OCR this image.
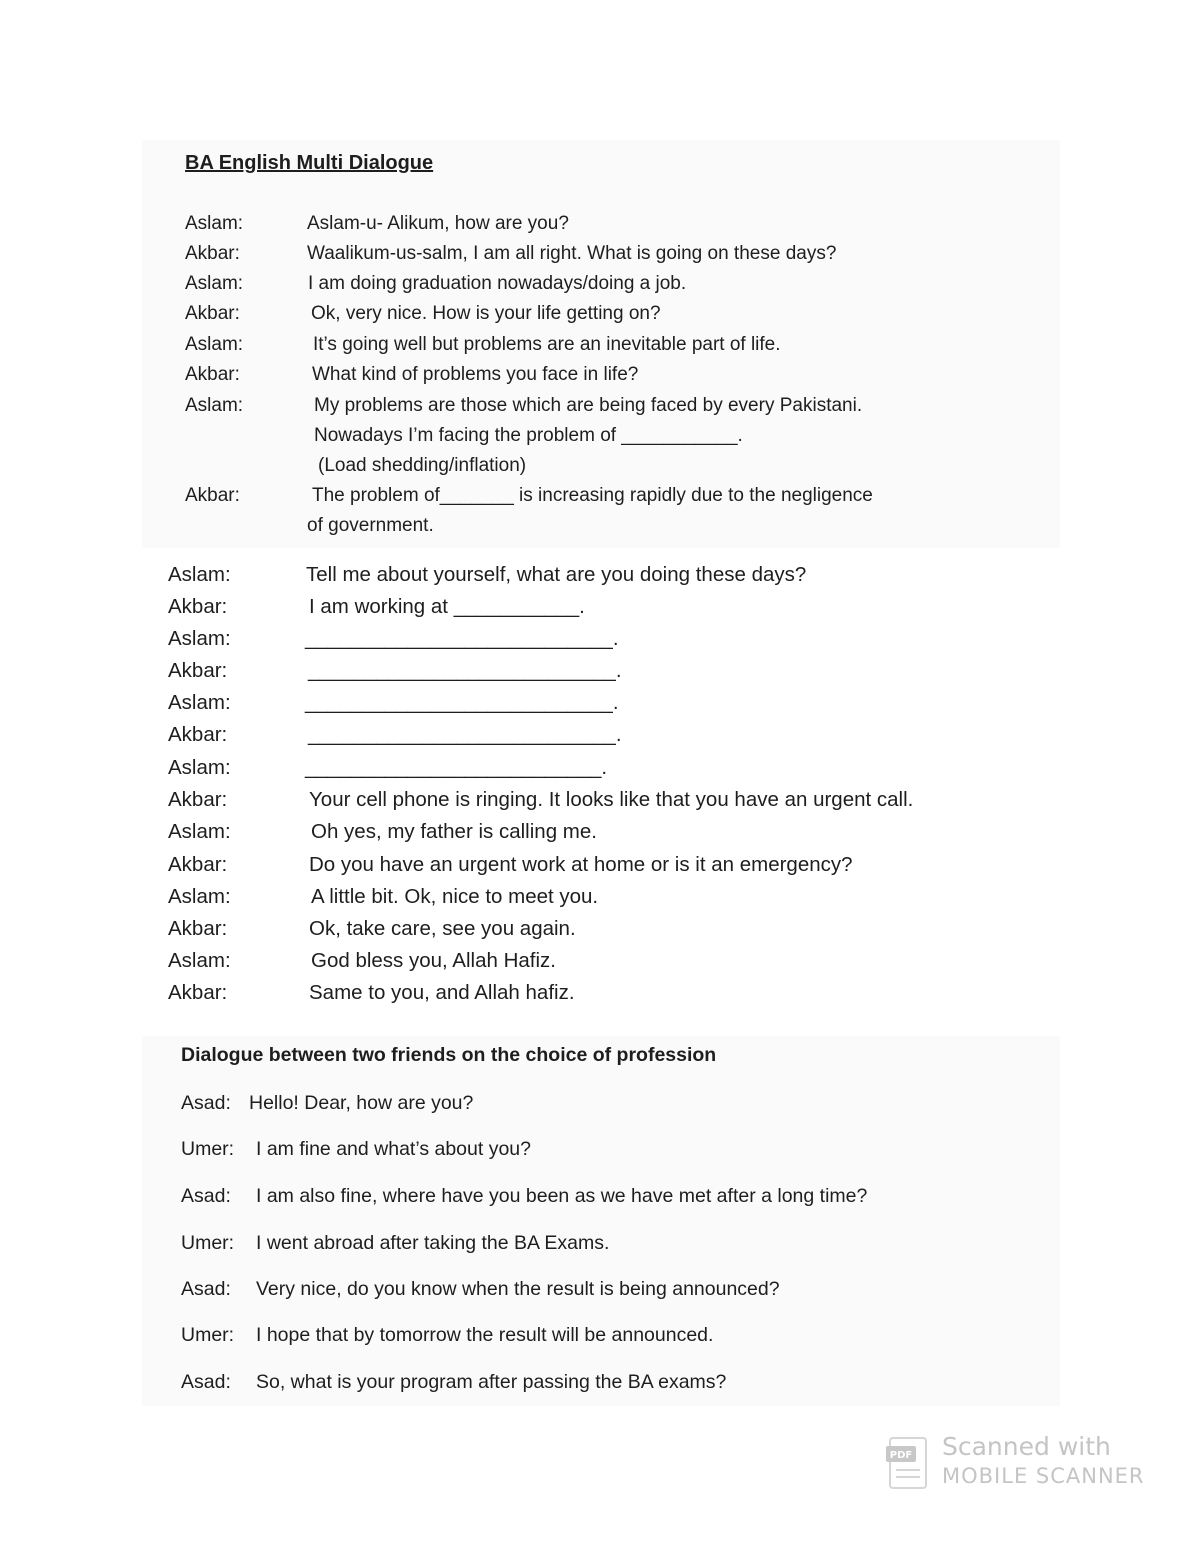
BA English Multi Dialogue
Aslam:	Aslam-u- Alikum, how are you?
Akbar:	Waalikum-us-salm, I am all right. What is going on these days?
Aslam:	I am doing graduation nowadays/doing a job.
Akbar:	Ok, very nice. How is your life getting on?
Aslam:	It’s going well but problems are an inevitable part of life.
Akbar:	What kind of problems you face in life?
Aslam:	My problems are those which are being faced by every Pakistani.
Nowadays I’m facing the problem of ___________.
(Load shedding/inflation)
Akbar:	The problem of_______ is increasing rapidly due to the negligence
of government.
Aslam:	Tell me about yourself, what are you doing these days?
Akbar:	I am working at ___________.
Aslam:	___________________________.
Akbar:	___________________________.
Aslam:	___________________________.
Akbar:	___________________________.
Aslam:	__________________________.
Akbar:	Your cell phone is ringing. It looks like that you have an urgent call.
Aslam:	Oh yes, my father is calling me.
Akbar:	Do you have an urgent work at home or is it an emergency?
Aslam:	A little bit. Ok, nice to meet you.
Akbar:	Ok, take care, see you again.
Aslam:	God bless you, Allah Hafiz.
Akbar:	Same to you, and Allah hafiz.
Dialogue between two friends on the choice of profession
Asad: Hello! Dear, how are you?
Umer: I am fine and what’s about you?
Asad: I am also fine, where have you been as we have met after a long time?
Umer: I went abroad after taking the BA Exams.
Asad: Very nice, do you know when the result is being announced?
Umer: I hope that by tomorrow the result will be announced.
Asad: So, what is your program after passing the BA exams?
PDF Scanned with
MOBILE SCANNER
